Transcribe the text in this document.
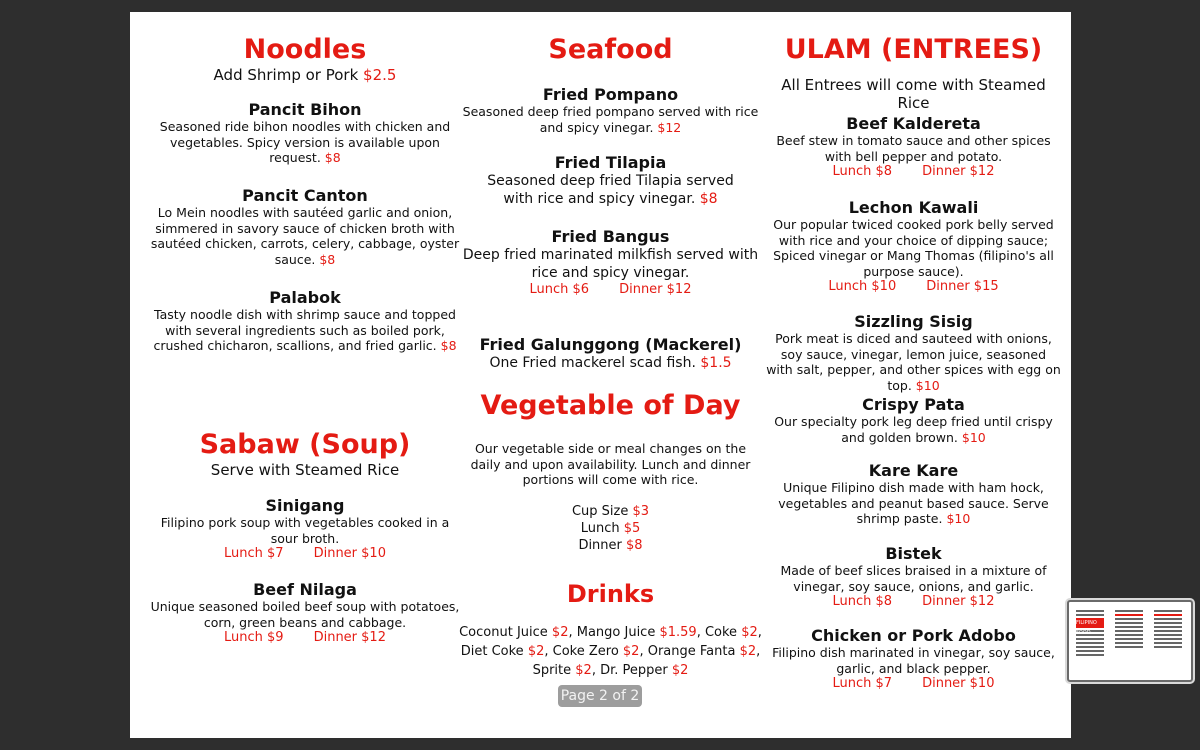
Noodles
Add Shrimp or Pork $2.5
Pancit Bihon
Seasoned ride bihon noodles with chicken and vegetables. Spicy version is available upon request. $8
Pancit Canton
Lo Mein noodles with sautéed garlic and onion, simmered in savory sauce of chicken broth with sautéed chicken, carrots, celery, cabbage, oyster sauce. $8
Palabok
Tasty noodle dish with shrimp sauce and topped with several ingredients such as boiled pork, crushed chicharon, scallions, and fried garlic. $8
Sabaw (Soup)
Serve with Steamed Rice
Sinigang
Filipino pork soup with vegetables cooked in a sour broth.
Lunch $7 Dinner $10
Beef Nilaga
Unique seasoned boiled beef soup with potatoes, corn, green beans and cabbage.
Lunch $9 Dinner $12
Seafood
Fried Pompano
Seasoned deep fried pompano served with rice and spicy vinegar. $12
Fried Tilapia
Seasoned deep fried Tilapia served with rice and spicy vinegar. $8
Fried Bangus
Deep fried marinated milkfish served with rice and spicy vinegar.
Lunch $6 Dinner $12
Fried Galunggong (Mackerel)
One Fried mackerel scad fish. $1.5
Vegetable of Day
Our vegetable side or meal changes on the daily and upon availability. Lunch and dinner portions will come with rice.
Cup Size $3
Lunch $5
Dinner $8
Drinks
Coconut Juice $2, Mango Juice $1.59, Coke $2,
Diet Coke $2, Coke Zero $2, Orange Fanta $2,
Sprite $2, Dr. Pepper $2
ULAM (ENTREES)
All Entrees will come with Steamed Rice
Beef Kaldereta
Beef stew in tomato sauce and other spices with bell pepper and potato.
Lunch $8 Dinner $12
Lechon Kawali
Our popular twiced cooked pork belly served with rice and your choice of dipping sauce; Spiced vinegar or Mang Thomas (filipino's all purpose sauce).
Lunch $10 Dinner $15
Sizzling Sisig
Pork meat is diced and sauteed with onions, soy sauce, vinegar, lemon juice, seasoned with salt, pepper, and other spices with egg on top. $10
Crispy Pata
Our specialty pork leg deep fried until crispy and golden brown. $10
Kare Kare
Unique Filipino dish made with ham hock, vegetables and peanut based sauce. Serve shrimp paste. $10
Bistek
Made of beef slices braised in a mixture of vinegar, soy sauce, onions, and garlic.
Lunch $8 Dinner $12
Chicken or Pork Adobo
Filipino dish marinated in vinegar, soy sauce, garlic, and black pepper.
Lunch $7 Dinner $10
Page 2 of 2
FILIPINO FOOD
